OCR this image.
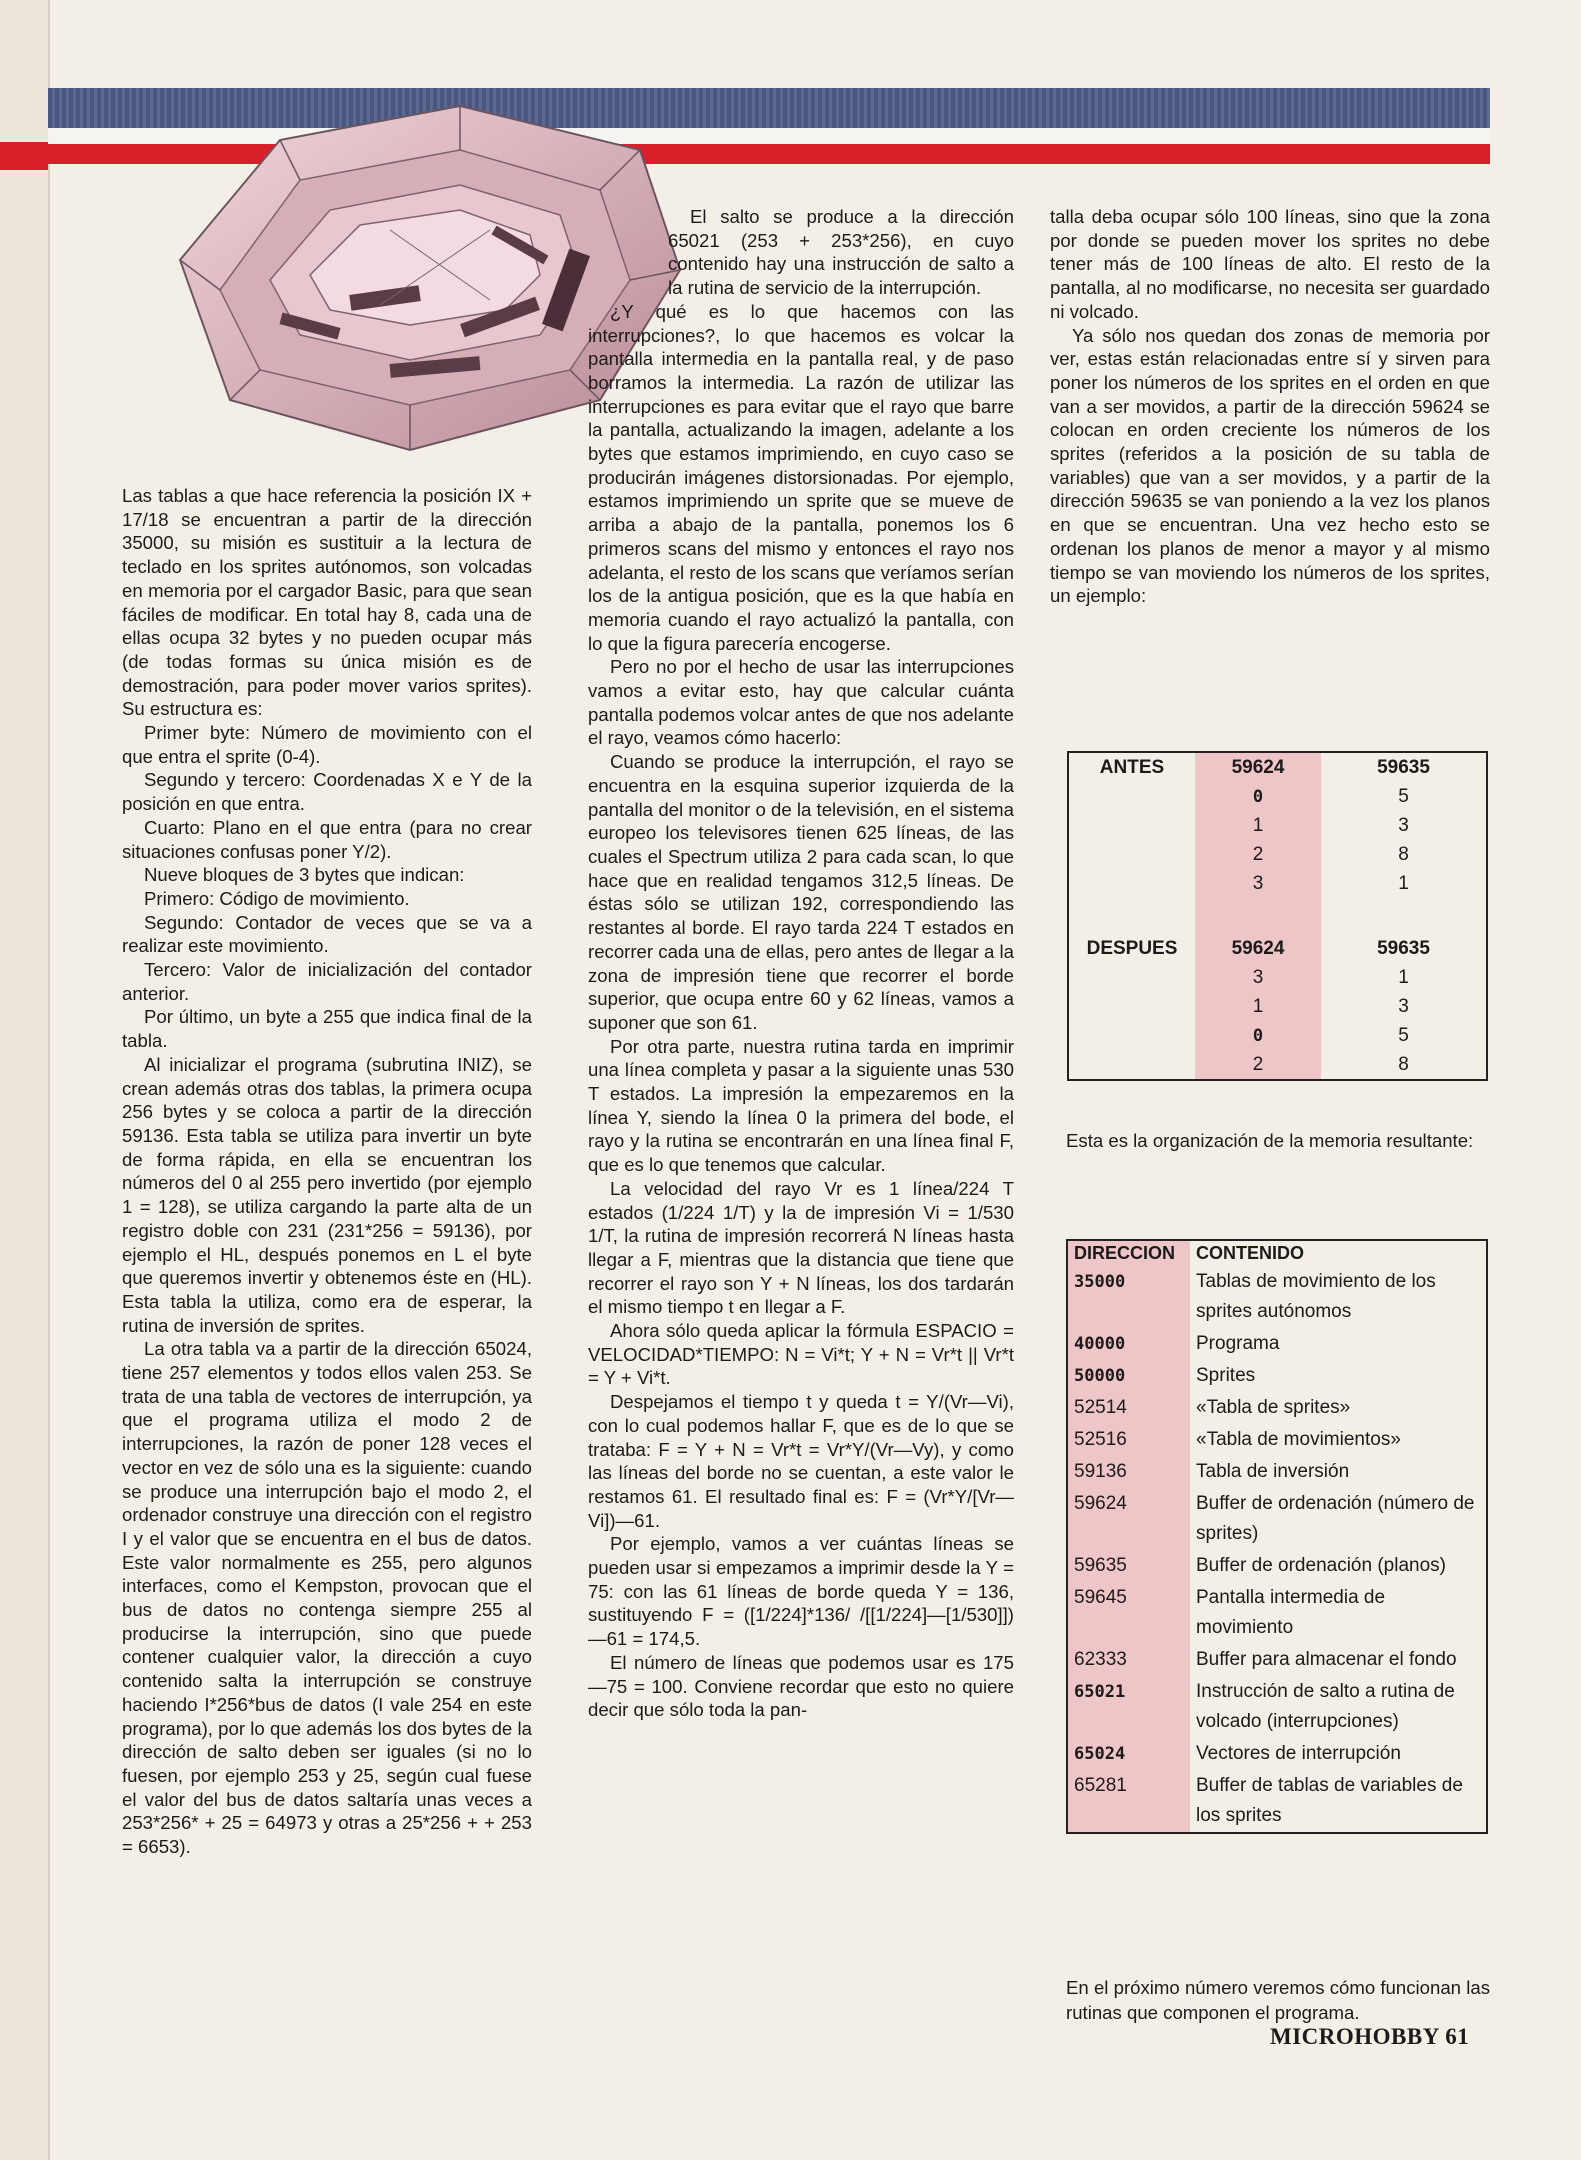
Las tablas a que hace referencia la posición IX + 17/18 se encuentran a partir de la dirección 35000, su misión es sustituir a la lectura de teclado en los sprites autónomos, son volcadas en memoria por el cargador Basic, para que sean fáciles de modificar. En total hay 8, cada una de ellas ocupa 32 bytes y no pueden ocupar más (de todas formas su única misión es de demostración, para poder mover varios sprites). Su estructura es:

Primer byte: Número de movimiento con el que entra el sprite (0-4).

Segundo y tercero: Coordenadas X e Y de la posición en que entra.

Cuarto: Plano en el que entra (para no crear situaciones confusas poner Y/2).

Nueve bloques de 3 bytes que indican:

Primero: Código de movimiento.

Segundo: Contador de veces que se va a realizar este movimiento.

Tercero: Valor de inicialización del contador anterior.

Por último, un byte a 255 que indica final de la tabla.

Al inicializar el programa (subrutina INIZ), se crean además otras dos tablas, la primera ocupa 256 bytes y se coloca a partir de la dirección 59136. Esta tabla se utiliza para invertir un byte de forma rápida, en ella se encuentran los números del 0 al 255 pero invertido (por ejemplo 1 = 128), se utiliza cargando la parte alta de un registro doble con 231 (231*256 = 59136), por ejemplo el HL, después ponemos en L el byte que queremos invertir y obtenemos éste en (HL). Esta tabla la utiliza, como era de esperar, la rutina de inversión de sprites.

La otra tabla va a partir de la dirección 65024, tiene 257 elementos y todos ellos valen 253. Se trata de una tabla de vectores de interrupción, ya que el programa utiliza el modo 2 de interrupciones, la razón de poner 128 veces el vector en vez de sólo una es la siguiente: cuando se produce una interrupción bajo el modo 2, el ordenador construye una dirección con el registro I y el valor que se encuentra en el bus de datos. Este valor normalmente es 255, pero algunos interfaces, como el Kempston, provocan que el bus de datos no contenga siempre 255 al producirse la interrupción, sino que puede contener cualquier valor, la dirección a cuyo contenido salta la interrupción se construye haciendo I*256*bus de datos (I vale 254 en este programa), por lo que además los dos bytes de la dirección de salto deben ser iguales (si no lo fuesen, por ejemplo 253 y 25, según cual fuese el valor del bus de datos saltaría unas veces a 253*256* + 25 = 64973 y otras a 25*256 + + 253 = 6653).

El salto se produce a la dirección 65021 (253 + 253*256), en cuyo contenido hay una instrucción de salto a la rutina de servicio de la interrupción.

¿Y qué es lo que hacemos con las interrupciones?, lo que hacemos es volcar la pantalla intermedia en la pantalla real, y de paso borramos la intermedia. La razón de utilizar las interrupciones es para evitar que el rayo que barre la pantalla, actualizando la imagen, adelante a los bytes que estamos imprimiendo, en cuyo caso se producirán imágenes distorsionadas. Por ejemplo, estamos imprimiendo un sprite que se mueve de arriba a abajo de la pantalla, ponemos los 6 primeros scans del mismo y entonces el rayo nos adelanta, el resto de los scans que veríamos serían los de la antigua posición, que es la que había en memoria cuando el rayo actualizó la pantalla, con lo que la figura parecería encogerse.

Pero no por el hecho de usar las interrupciones vamos a evitar esto, hay que calcular cuánta pantalla podemos volcar antes de que nos adelante el rayo, veamos cómo hacerlo:

Cuando se produce la interrupción, el rayo se encuentra en la esquina superior izquierda de la pantalla del monitor o de la televisión, en el sistema europeo los televisores tienen 625 líneas, de las cuales el Spectrum utiliza 2 para cada scan, lo que hace que en realidad tengamos 312,5 líneas. De éstas sólo se utilizan 192, correspondiendo las restantes al borde. El rayo tarda 224 T estados en recorrer cada una de ellas, pero antes de llegar a la zona de impresión tiene que recorrer el borde superior, que ocupa entre 60 y 62 líneas, vamos a suponer que son 61.

Por otra parte, nuestra rutina tarda en imprimir una línea completa y pasar a la siguiente unas 530 T estados. La impresión la empezaremos en la línea Y, siendo la línea 0 la primera del bode, el rayo y la rutina se encontrarán en una línea final F, que es lo que tenemos que calcular.

La velocidad del rayo Vr es 1 línea/224 T estados (1/224 1/T) y la de impresión Vi = 1/530 1/T, la rutina de impresión recorrerá N líneas hasta llegar a F, mientras que la distancia que tiene que recorrer el rayo son Y + N líneas, los dos tardarán el mismo tiempo t en llegar a F.

Ahora sólo queda aplicar la fórmula ESPACIO = VELOCIDAD*TIEMPO: N = Vi*t; Y + N = Vr*t || Vr*t = Y + Vi*t.

Despejamos el tiempo t y queda t = Y/(Vr—Vi), con lo cual podemos hallar F, que es de lo que se trataba: F = Y + N = Vr*t = Vr*Y/(Vr—Vy), y como las líneas del borde no se cuentan, a este valor le restamos 61. El resultado final es: F = (Vr*Y/[Vr—Vi])—61.

Por ejemplo, vamos a ver cuántas líneas se pueden usar si empezamos a imprimir desde la Y = 75: con las 61 líneas de borde queda Y = 136, sustituyendo F = ([1/224]*136/ /[[1/224]—[1/530]])—61 = 174,5.

El número de líneas que podemos usar es 175—75 = 100. Conviene recordar que esto no quiere decir que sólo toda la pan-

talla deba ocupar sólo 100 líneas, sino que la zona por donde se pueden mover los sprites no debe tener más de 100 líneas de alto. El resto de la pantalla, al no modificarse, no necesita ser guardado ni volcado.

Ya sólo nos quedan dos zonas de memoria por ver, estas están relacionadas entre sí y sirven para poner los números de los sprites en el orden en que van a ser movidos, a partir de la dirección 59624 se colocan en orden creciente los números de los sprites (referidos a la posición de su tabla de variables) que van a ser movidos, y a partir de la dirección 59635 se van poniendo a la vez los planos en que se encuentran. Una vez hecho esto se ordenan los planos de menor a mayor y al mismo tiempo se van moviendo los números de los sprites, un ejemplo:

ANTES	59624	59635
	0	5
	1	3
	2	8
	3	1

DESPUES	59624	59635
	3	1
	1	3
	0	5
	2	8
Esta es la organización de la memoria resultante:
DIRECCION	CONTENIDO
35000	Tablas de movimiento de los sprites autónomos
40000	Programa
50000	Sprites
52514	«Tabla de sprites»
52516	«Tabla de movimientos»
59136	Tabla de inversión
59624	Buffer de ordenación (número de sprites)
59635	Buffer de ordenación (planos)
59645	Pantalla intermedia de movimiento
62333	Buffer para almacenar el fondo
65021	Instrucción de salto a rutina de volcado (interrupciones)
65024	Vectores de interrupción
65281	Buffer de tablas de variables de los sprites
En el próximo número veremos cómo funcionan las rutinas que componen el programa.
MICROHOBBY 61
